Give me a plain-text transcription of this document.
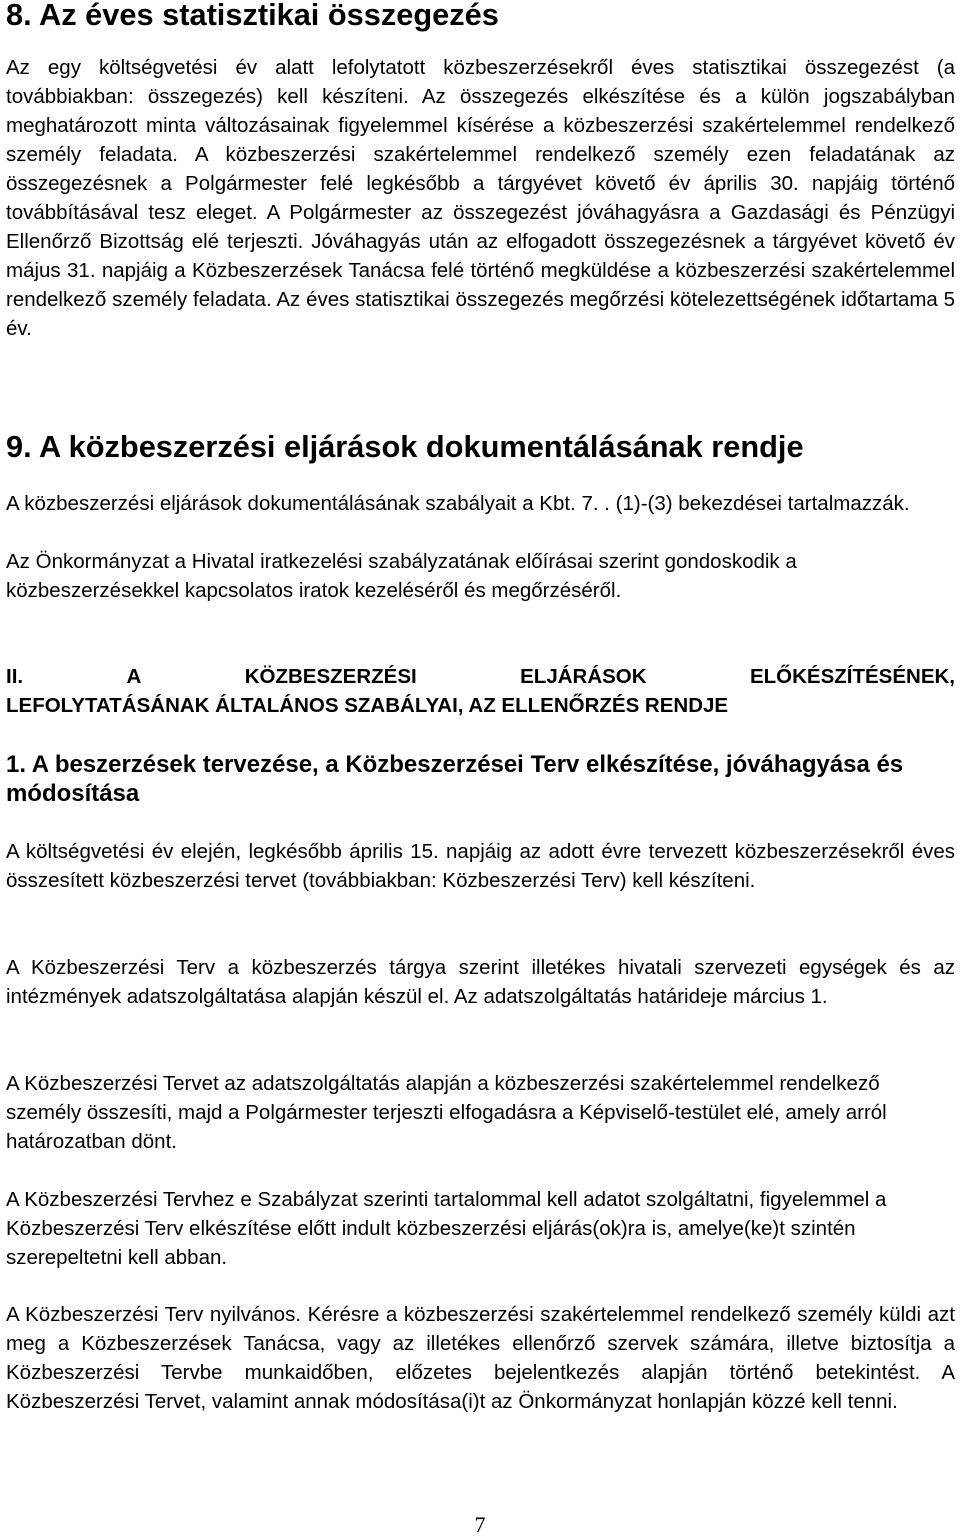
8. Az éves statisztikai összegezés

Az egy költségvetési év alatt lefolytatott közbeszerzésekről éves statisztikai összegezést (a továbbiakban: összegezés) kell készíteni. Az összegezés elkészítése és a külön jogszabályban meghatározott minta változásainak figyelemmel kísérése a közbeszerzési szakértelemmel rendelkező személy feladata. A közbeszerzési szakértelemmel rendelkező személy ezen feladatának az összegezésnek a Polgármester felé legkésőbb a tárgyévet követő év április 30. napjáig történő továbbításával tesz eleget. A Polgármester az összegezést jóváhagyásra a Gazdasági és Pénzügyi Ellenőrző Bizottság elé terjeszti. Jóváhagyás után az elfogadott összegezésnek a tárgyévet követő év május 31. napjáig a Közbeszerzések Tanácsa felé történő megküldése a közbeszerzési szakértelemmel rendelkező személy feladata. Az éves statisztikai összegezés megőrzési kötelezettségének időtartama 5 év.

9. A közbeszerzési eljárások dokumentálásának rendje

A közbeszerzési eljárások dokumentálásának szabályait a Kbt. 7. . (1)-(3) bekezdései tartalmazzák.

Az Önkormányzat a Hivatal iratkezelési szabályzatának előírásai szerint gondoskodik a közbeszerzésekkel kapcsolatos iratok kezeléséről és megőrzéséről.

II.	A	KÖZBESZERZÉSI	ELJÁRÁSOK	ELŐKÉSZÍTÉSÉNEK,
LEFOLYTATÁSÁNAK ÁLTALÁNOS SZABÁLYAI, AZ ELLENŐRZÉS RENDJE
1. A beszerzések tervezése, a Közbeszerzései Terv elkészítése, jóváhagyása és módosítása

A költségvetési év elején, legkésőbb április 15. napjáig az adott évre tervezett közbeszerzésekről éves összesített közbeszerzési tervet (továbbiakban: Közbeszerzési Terv) kell készíteni.

A Közbeszerzési Terv a közbeszerzés tárgya szerint illetékes hivatali szervezeti egységek és az intézmények adatszolgáltatása alapján készül el. Az adatszolgáltatás határideje március 1.

A Közbeszerzési Tervet az adatszolgáltatás alapján a közbeszerzési szakértelemmel rendelkező személy összesíti, majd a Polgármester terjeszti elfogadásra a Képviselő-testület elé, amely arról határozatban dönt.

A Közbeszerzési Tervhez e Szabályzat szerinti tartalommal kell adatot szolgáltatni, figyelemmel a Közbeszerzési Terv elkészítése előtt indult közbeszerzési eljárás(ok)ra is, amelye(ke)t szintén szerepeltetni kell abban.

A Közbeszerzési Terv nyilvános. Kérésre a közbeszerzési szakértelemmel rendelkező személy küldi azt meg a Közbeszerzések Tanácsa, vagy az illetékes ellenőrző szervek számára, illetve biztosítja a Közbeszerzési Tervbe munkaidőben, előzetes bejelentkezés alapján történő betekintést. A Közbeszerzési Tervet, valamint annak módosítása(i)t az Önkormányzat honlapján közzé kell tenni.

7
